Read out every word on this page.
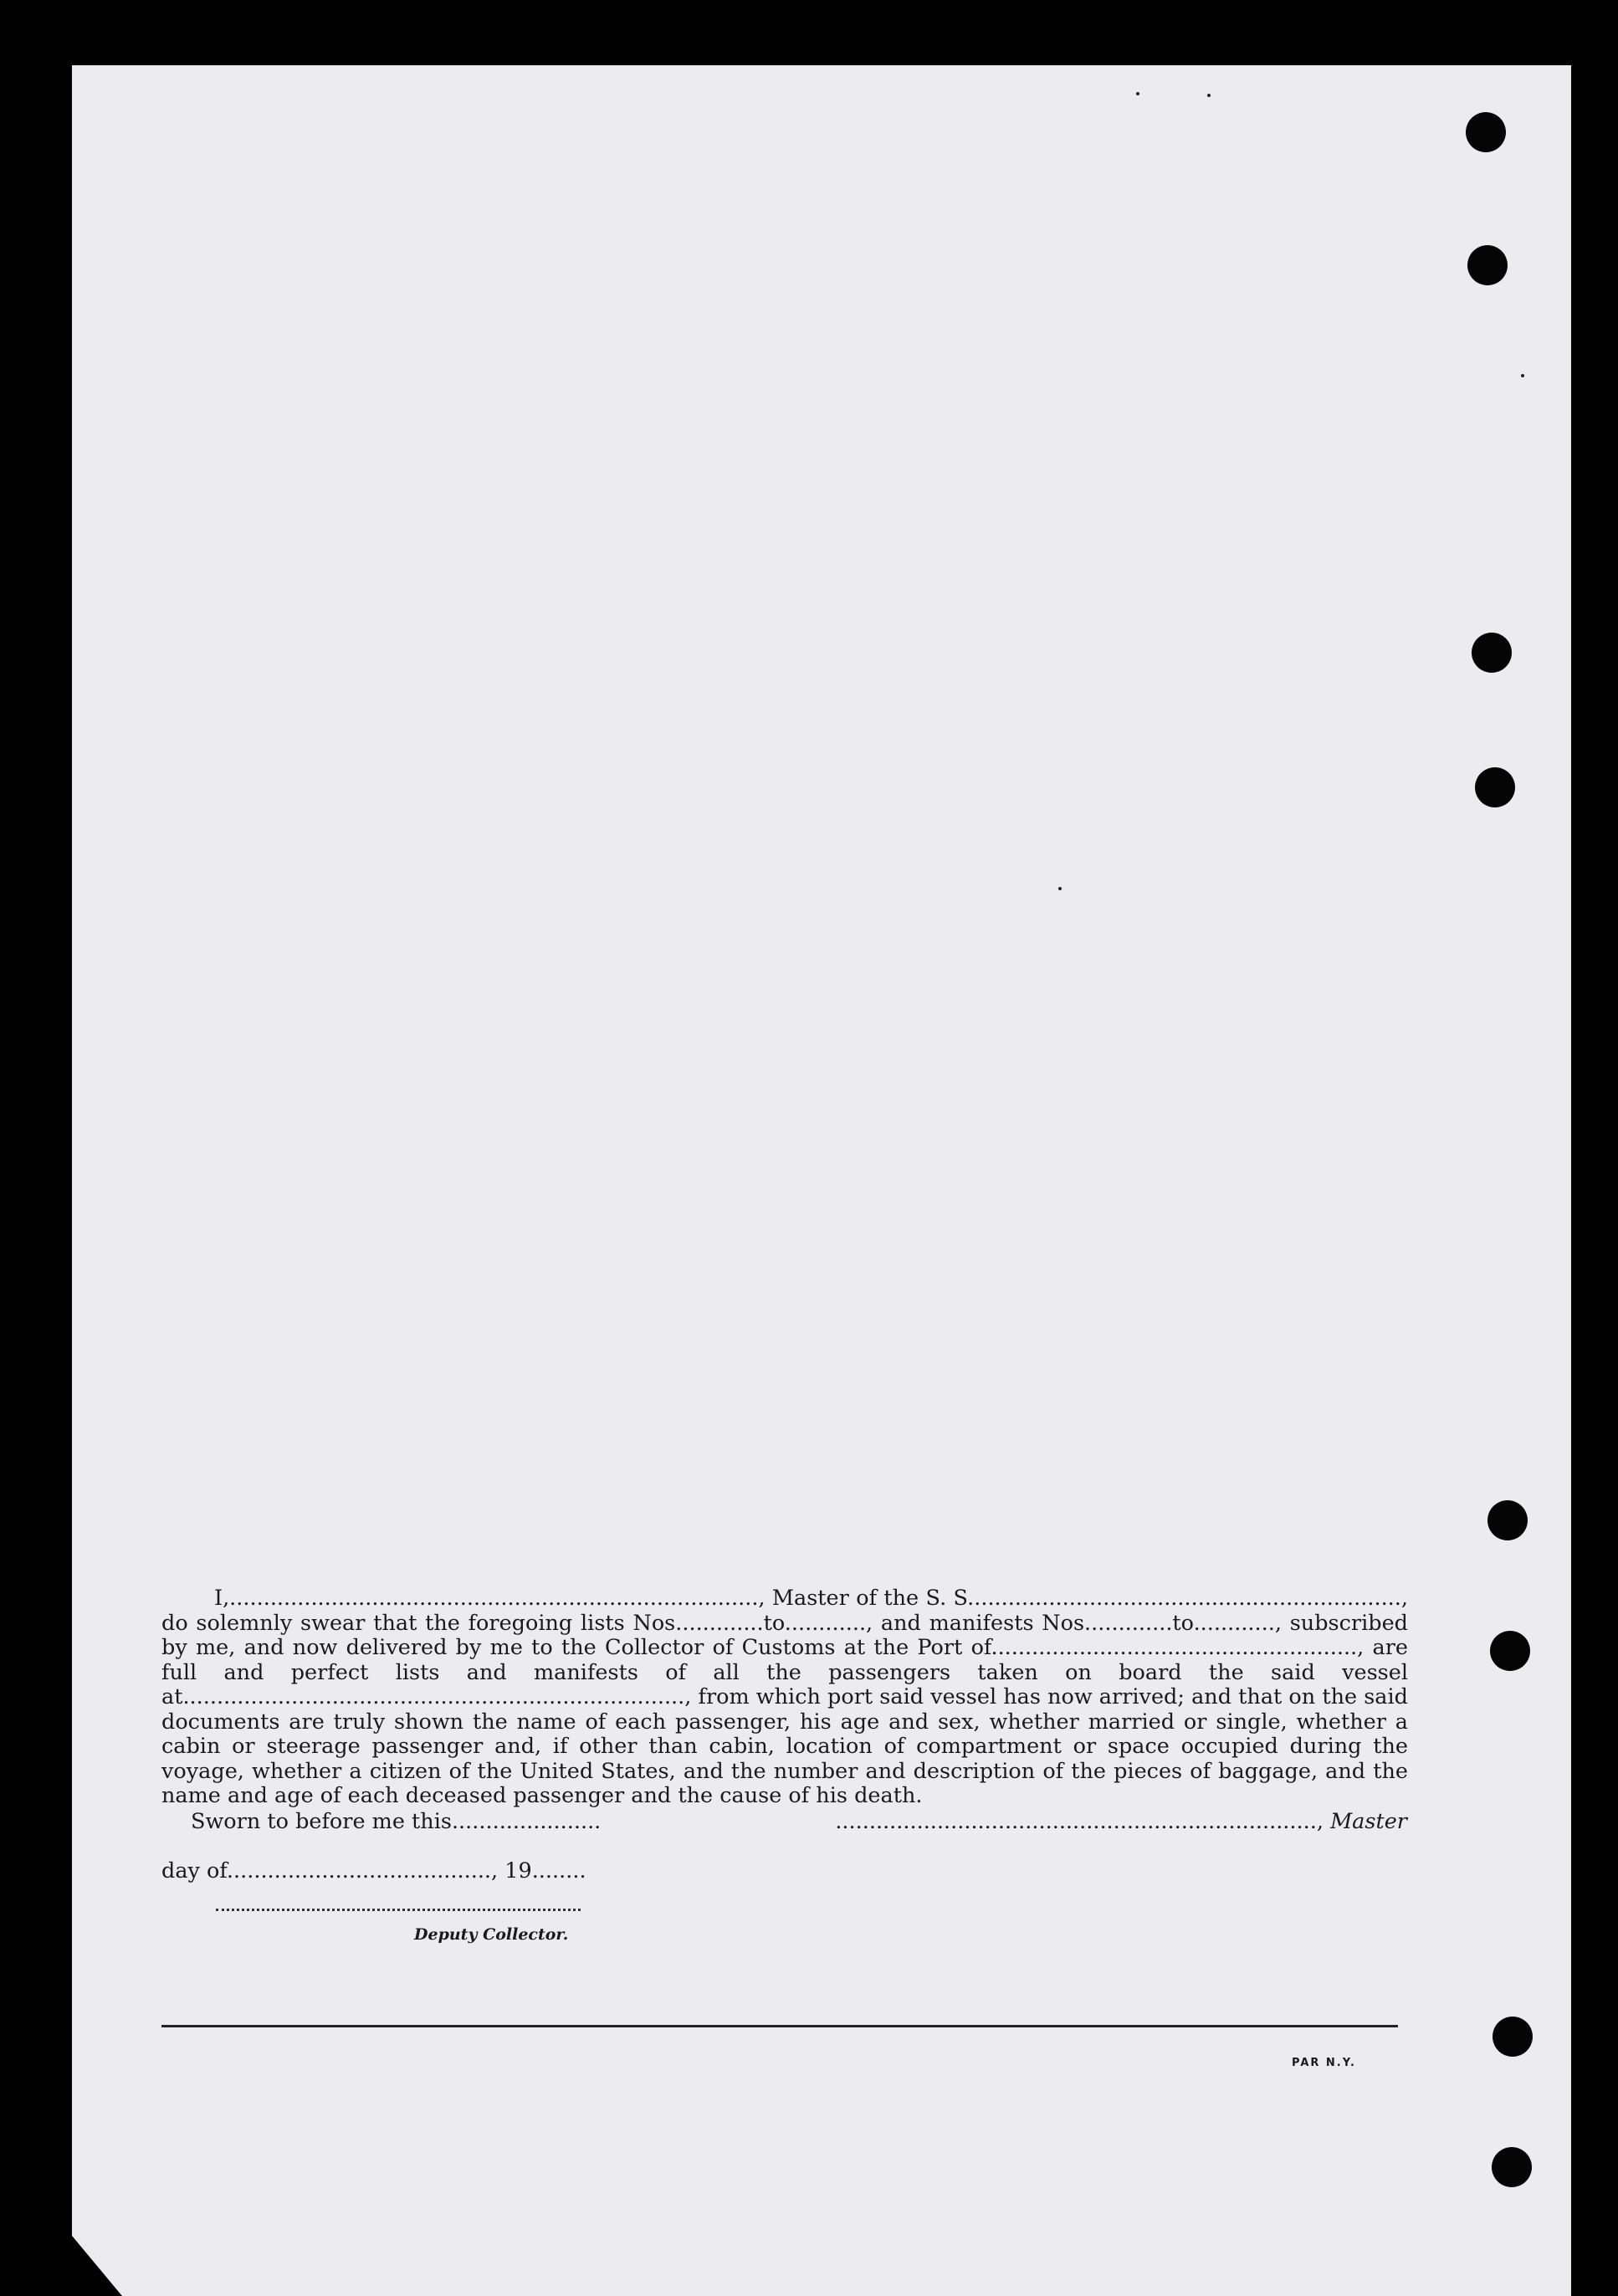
I,.............................................................................., Master of the S. S................................................................, do solemnly swear that the foregoing lists Nos.............to............, and manifests Nos.............to............, subscribed by me, and now delivered by me to the Collector of Customs at the Port of......................................................, are full and perfect lists and manifests of all the passengers taken on board the said vessel at.........................................................................., from which port said vessel has now arrived; and that on the said documents are truly shown the name of each passenger, his age and sex, whether married or single, whether a cabin or steerage passenger and, if other than cabin, location of compartment or space occupied during the voyage, whether a citizen of the United States, and the number and description of the pieces of baggage, and the name and age of each deceased passenger and the cause of his death.

Sworn to before me this......................	......................................................................., Master
day of......................................., 19........
Deputy Collector.
PAR N.Y.
